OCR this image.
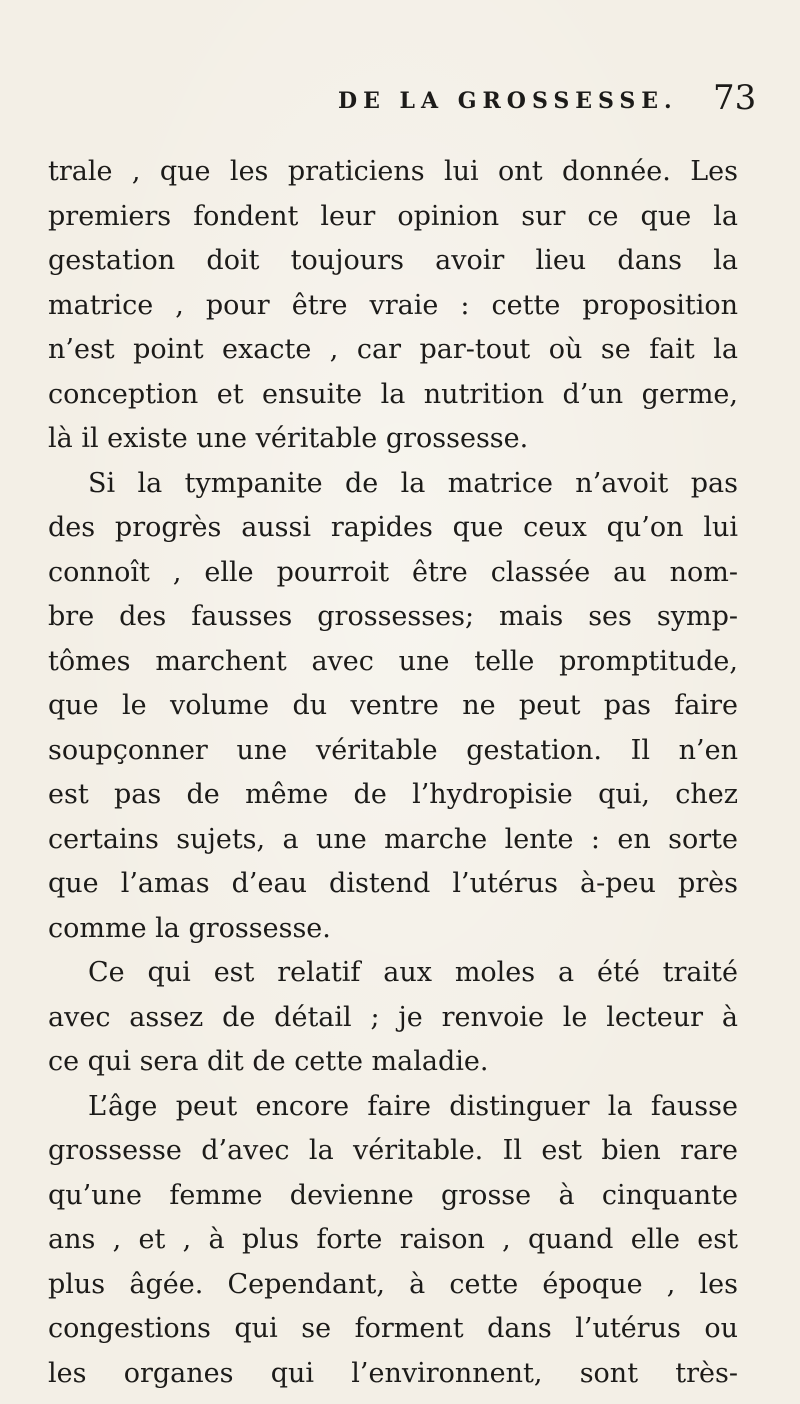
DE LA GROSSESSE. 73
trale , que les praticiens lui ont donnée. Les
premiers fondent leur opinion sur ce que la
gestation doit toujours avoir lieu dans la
matrice , pour être vraie : cette proposition
n’est point exacte , car par-tout où se fait la
conception et ensuite la nutrition d’un germe,
là il existe une véritable grossesse.
Si la tympanite de la matrice n’avoit pas
des progrès aussi rapides que ceux qu’on lui
connoît , elle pourroit être classée au nom-
bre des fausses grossesses; mais ses symp-
tômes marchent avec une telle promptitude,
que le volume du ventre ne peut pas faire
soupçonner une véritable gestation. Il n’en
est pas de même de l’hydropisie qui, chez
certains sujets, a une marche lente : en sorte
que l’amas d’eau distend l’utérus à-peu près
comme la grossesse.
Ce qui est relatif aux moles a été traité
avec assez de détail ; je renvoie le lecteur à
ce qui sera dit de cette maladie.
L’âge peut encore faire distinguer la fausse
grossesse d’avec la véritable. Il est bien rare
qu’une femme devienne grosse à cinquante
ans , et , à plus forte raison , quand elle est
plus âgée. Cependant, à cette époque , les
congestions qui se forment dans l’utérus ou
les organes qui l’environnent, sont très-
